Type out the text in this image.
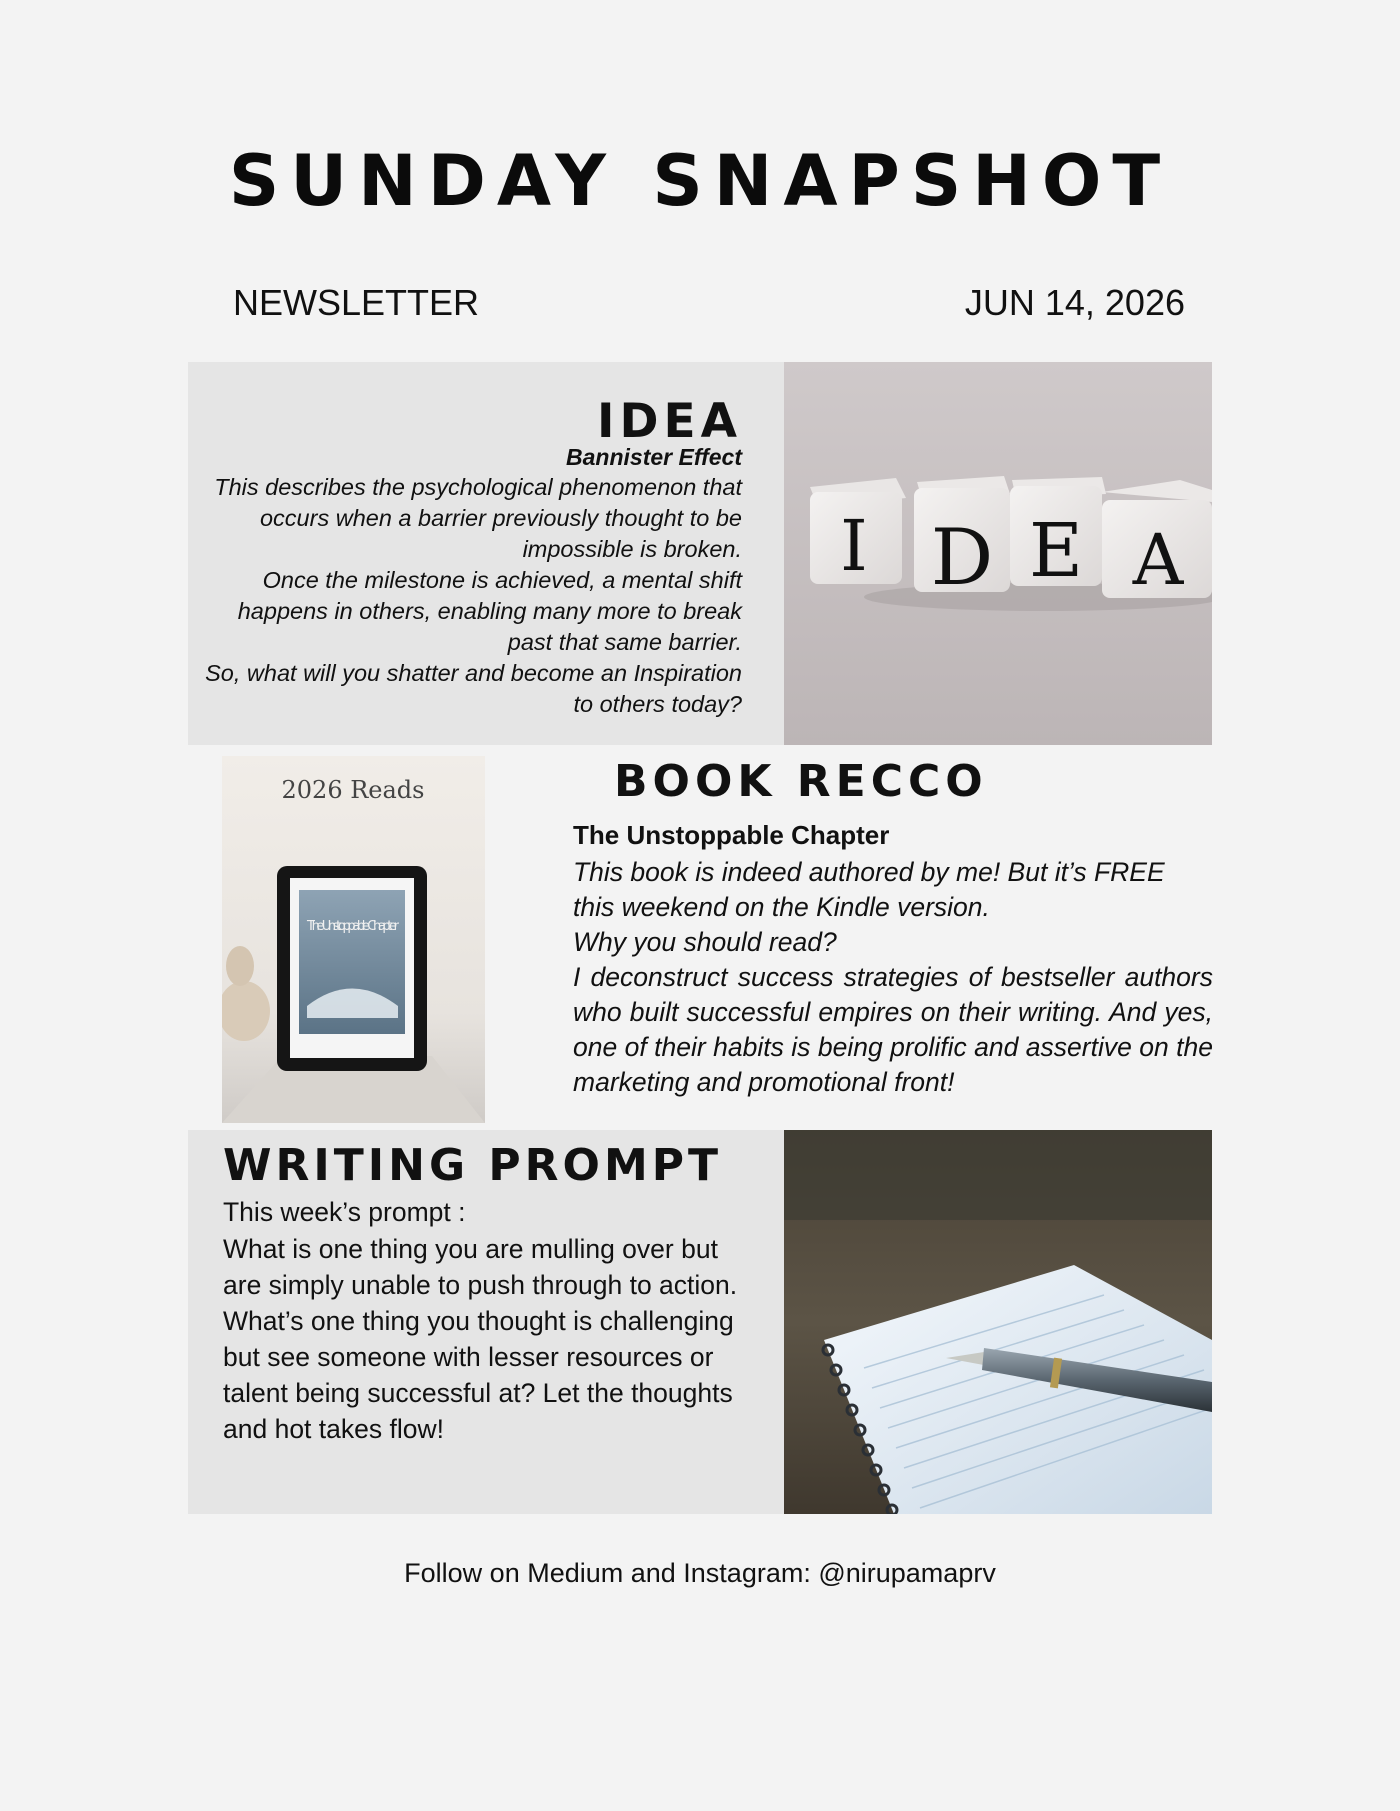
SUNDAY SNAPSHOT
NEWSLETTER	JUN 14, 2026
IDEA
Bannister Effect

This describes the psychological phenomenon that occurs when a barrier previously thought to be impossible is broken.

Once the milestone is achieved, a mental shift happens in others, enabling many more to break past that same barrier.

So, what will you shatter and become an Inspiration to others today?

I D E A
2026 Reads
The Unstoppable Chapter
BOOK RECCO
The Unstoppable Chapter

This book is indeed authored by me! But it’s FREE this weekend on the Kindle version.

Why you should read?

I deconstruct success strategies of bestseller authors who built successful empires on their writing. And yes, one of their habits is being prolific and assertive on the marketing and promotional front!

WRITING PROMPT
This week’s prompt :
What is one thing you are mulling over but are simply unable to push through to action. What’s one thing you thought is challenging but see someone with lesser resources or talent being successful at? Let the thoughts and hot takes flow!
Follow on Medium and Instagram: @nirupamaprv
